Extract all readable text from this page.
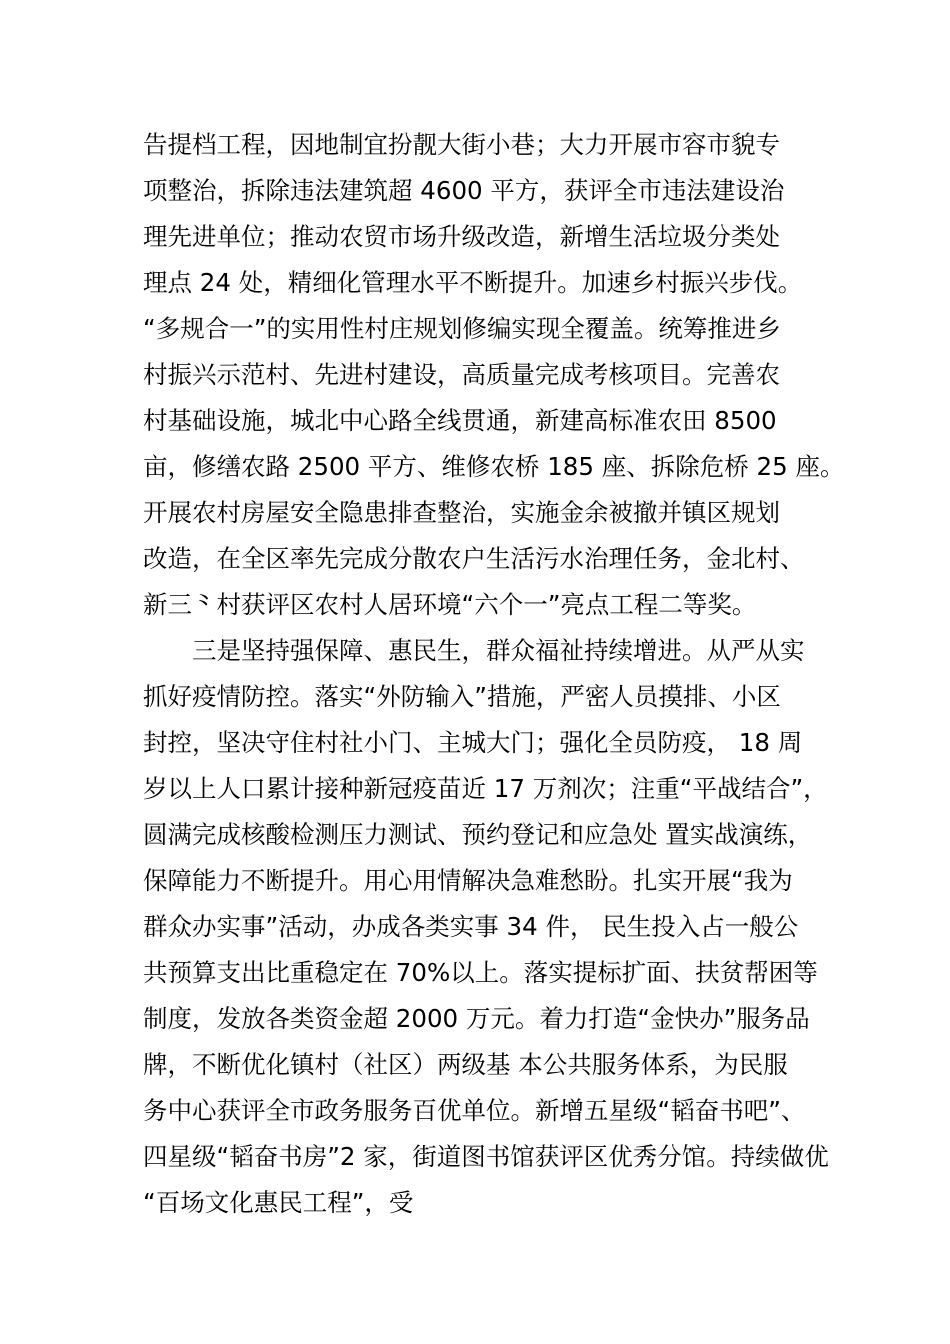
告提档工程，因地制宜扮靓大街小巷；大力开展市容市貌专
项整治，拆除违法建筑超 4600 平方，获评全市违法建设治
理先进单位；推动农贸市场升级改造，新增生活垃圾分类处
理点 24 处，精细化管理水平不断提升。加速乡村振兴步伐。
“多规合一”的实用性村庄规划修编实现全覆盖。统筹推进乡
村振兴示范村、先进村建设，高质量完成考核项目。完善农
村基础设施，城北中心路全线贯通，新建高标准农田 8500
亩，修缮农路 2500 平方、维修农桥 185 座、拆除危桥 25 座。
开展农村房屋安全隐患排查整治，实施金余被撤并镇区规划
改造，在全区率先完成分散农户生活污水治理任务，金北村、
新三⺀村获评区农村人居环境“六个一”亮点工程二等奖。
三是坚持强保障、惠民生，群众福祉持续增进。从严从实
抓好疫情防控。落实“外防输入”措施，严密人员摸排、小区
封控，坚决守住村社小门、主城大门；强化全员防疫， 18 周
岁以上人口累计接种新冠疫苗近 17 万剂次；注重“平战结合”，
圆满完成核酸检测压力测试、预约登记和应急处 置实战演练，
保障能力不断提升。用心用情解决急难愁盼。扎实开展“我为
群众办实事”活动，办成各类实事 34 件， 民生投入占一般公
共预算支出比重稳定在 70%以上。落实提标扩面、扶贫帮困等
制度，发放各类资金超 2000 万元。着力打造“金快办”服务品
牌，不断优化镇村（社区）两级基 本公共服务体系，为民服
务中心获评全市政务服务百优单位。新增五星级“韬奋书吧”、
四星级“韬奋书房”2 家，街道图书馆获评区优秀分馆。持续做优
“百场文化惠民工程”，受
